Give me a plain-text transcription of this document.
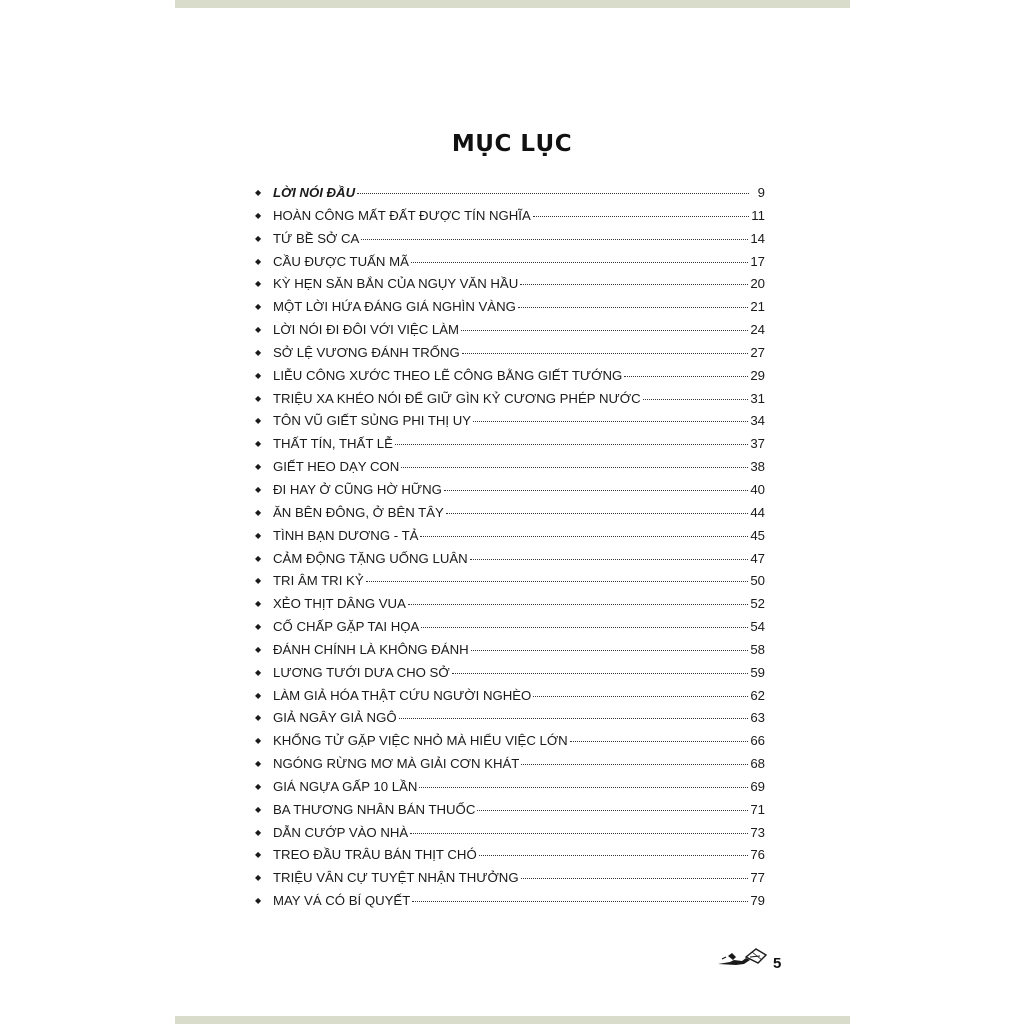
MỤC LỤC
◆ LỜI NÓI ĐẦU	9
◆ HOÀN CÔNG MẤT ĐẤT ĐƯỢC TÍN NGHĨA	11
◆ TỨ BỀ SỞ CA	14
◆ CẦU ĐƯỢC TUẤN MÃ	17
◆ KỲ HẸN SĂN BẮN CỦA NGỤY VĂN HẦU	20
◆ MỘT LỜI HỨA ĐÁNG GIÁ NGHÌN VÀNG	21
◆ LỜI NÓI ĐI ĐÔI VỚI VIỆC LÀM	24
◆ SỞ LỆ VƯƠNG ĐÁNH TRỐNG	27
◆ LIỄU CÔNG XƯỚC THEO LẼ CÔNG BẰNG GIẾT TƯỚNG	29
◆ TRIỆU XA KHÉO NÓI ĐỂ GIỮ GÌN KỶ CƯƠNG PHÉP NƯỚC	31
◆ TÔN VŨ GIẾT SỦNG PHI THỊ UY	34
◆ THẤT TÍN, THẤT LỄ	37
◆ GIẾT HEO DẠY CON	38
◆ ĐI HAY Ở CŨNG HỜ HỮNG	40
◆ ĂN BÊN ĐÔNG, Ở BÊN TÂY	44
◆ TÌNH BẠN DƯƠNG - TẢ	45
◆ CẢM ĐỘNG TẶNG UỐNG LUÂN	47
◆ TRI ÂM TRI KỶ	50
◆ XẺO THỊT DÂNG VUA	52
◆ CỐ CHẤP GẶP TAI HỌA	54
◆ ĐÁNH CHÍNH LÀ KHÔNG ĐÁNH	58
◆ LƯƠNG TƯỚI DƯA CHO SỞ	59
◆ LÀM GIẢ HÓA THẬT CỨU NGƯỜI NGHÈO	62
◆ GIẢ NGÂY GIẢ NGÔ	63
◆ KHỔNG TỬ GẶP VIỆC NHỎ MÀ HIỂU VIỆC LỚN	66
◆ NGÓNG RỪNG MƠ MÀ GIẢI CƠN KHÁT	68
◆ GIÁ NGỰA GẤP 10 LẦN	69
◆ BA THƯƠNG NHÂN BÁN THUỐC	71
◆ DẪN CƯỚP VÀO NHÀ	73
◆ TREO ĐẦU TRÂU BÁN THỊT CHÓ	76
◆ TRIỆU VÂN CỰ TUYỆT NHẬN THƯỞNG	77
◆ MAY VÁ CÓ BÍ QUYẾT	79
5
